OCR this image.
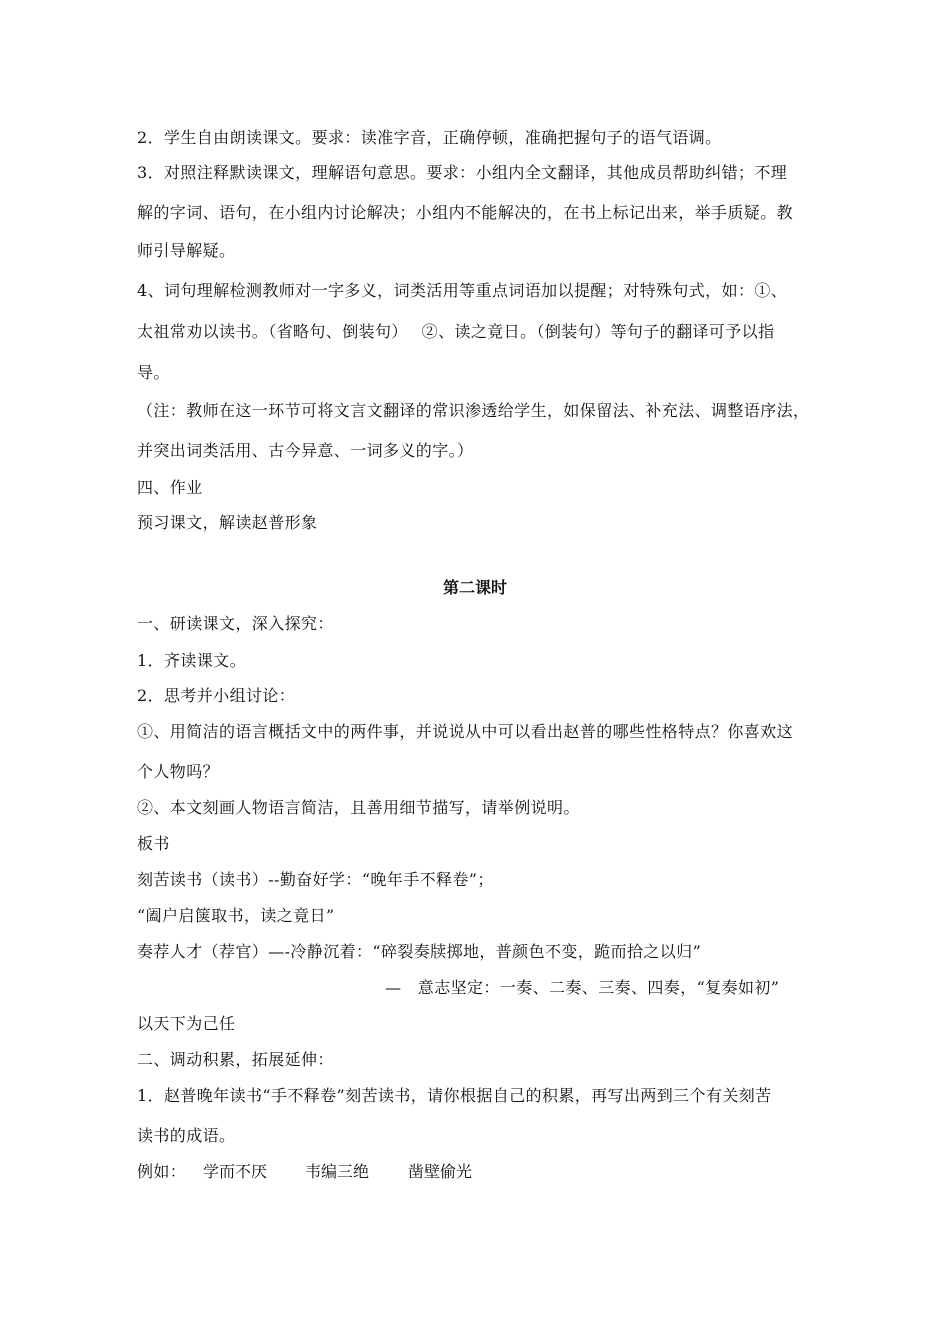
2．学生自由朗读课文。要求：读准字音，正确停顿，准确把握句子的语气语调。
3．对照注释默读课文，理解语句意思。要求：小组内全文翻译，其他成员帮助纠错；不理
解的字词、语句，在小组内讨论解决；小组内不能解决的，在书上标记出来，举手质疑。教
师引导解疑。
4、词句理解检测教师对一字多义，词类活用等重点词语加以提醒；对特殊句式，如：①、
太祖常劝以读书。（省略句、倒装句）　 ②、读之竟日。（倒装句）等句子的翻译可予以指
导。
（注：教师在这一环节可将文言文翻译的常识渗透给学生，如保留法、补充法、调整语序法，
并突出词类活用、古今异意、一词多义的字。）
四、作业
预习课文，解读赵普形象
第二课时
一、研读课文，深入探究：
1．齐读课文。
2．思考并小组讨论：
①、用简洁的语言概括文中的两件事，并说说从中可以看出赵普的哪些性格特点？你喜欢这
个人物吗？
②、本文刻画人物语言简洁，且善用细节描写，请举例说明。
板书
刻苦读书（读书）--勤奋好学：“晚年手不释卷”；
“阖户启箧取书，读之竟日”
奏荐人才（荐官）—-冷静沉着：“碎裂奏牍掷地，普颜色不变，跪而拾之以归”
—　意志坚定：一奏、二奏、三奏、四奏，“复奏如初”
以天下为己任
二、调动积累，拓展延伸：
1．赵普晚年读书“手不释卷”刻苦读书，请你根据自己的积累，再写出两到三个有关刻苦
读书的成语。
例如： 学而不厌 韦编三绝 凿壁偷光
